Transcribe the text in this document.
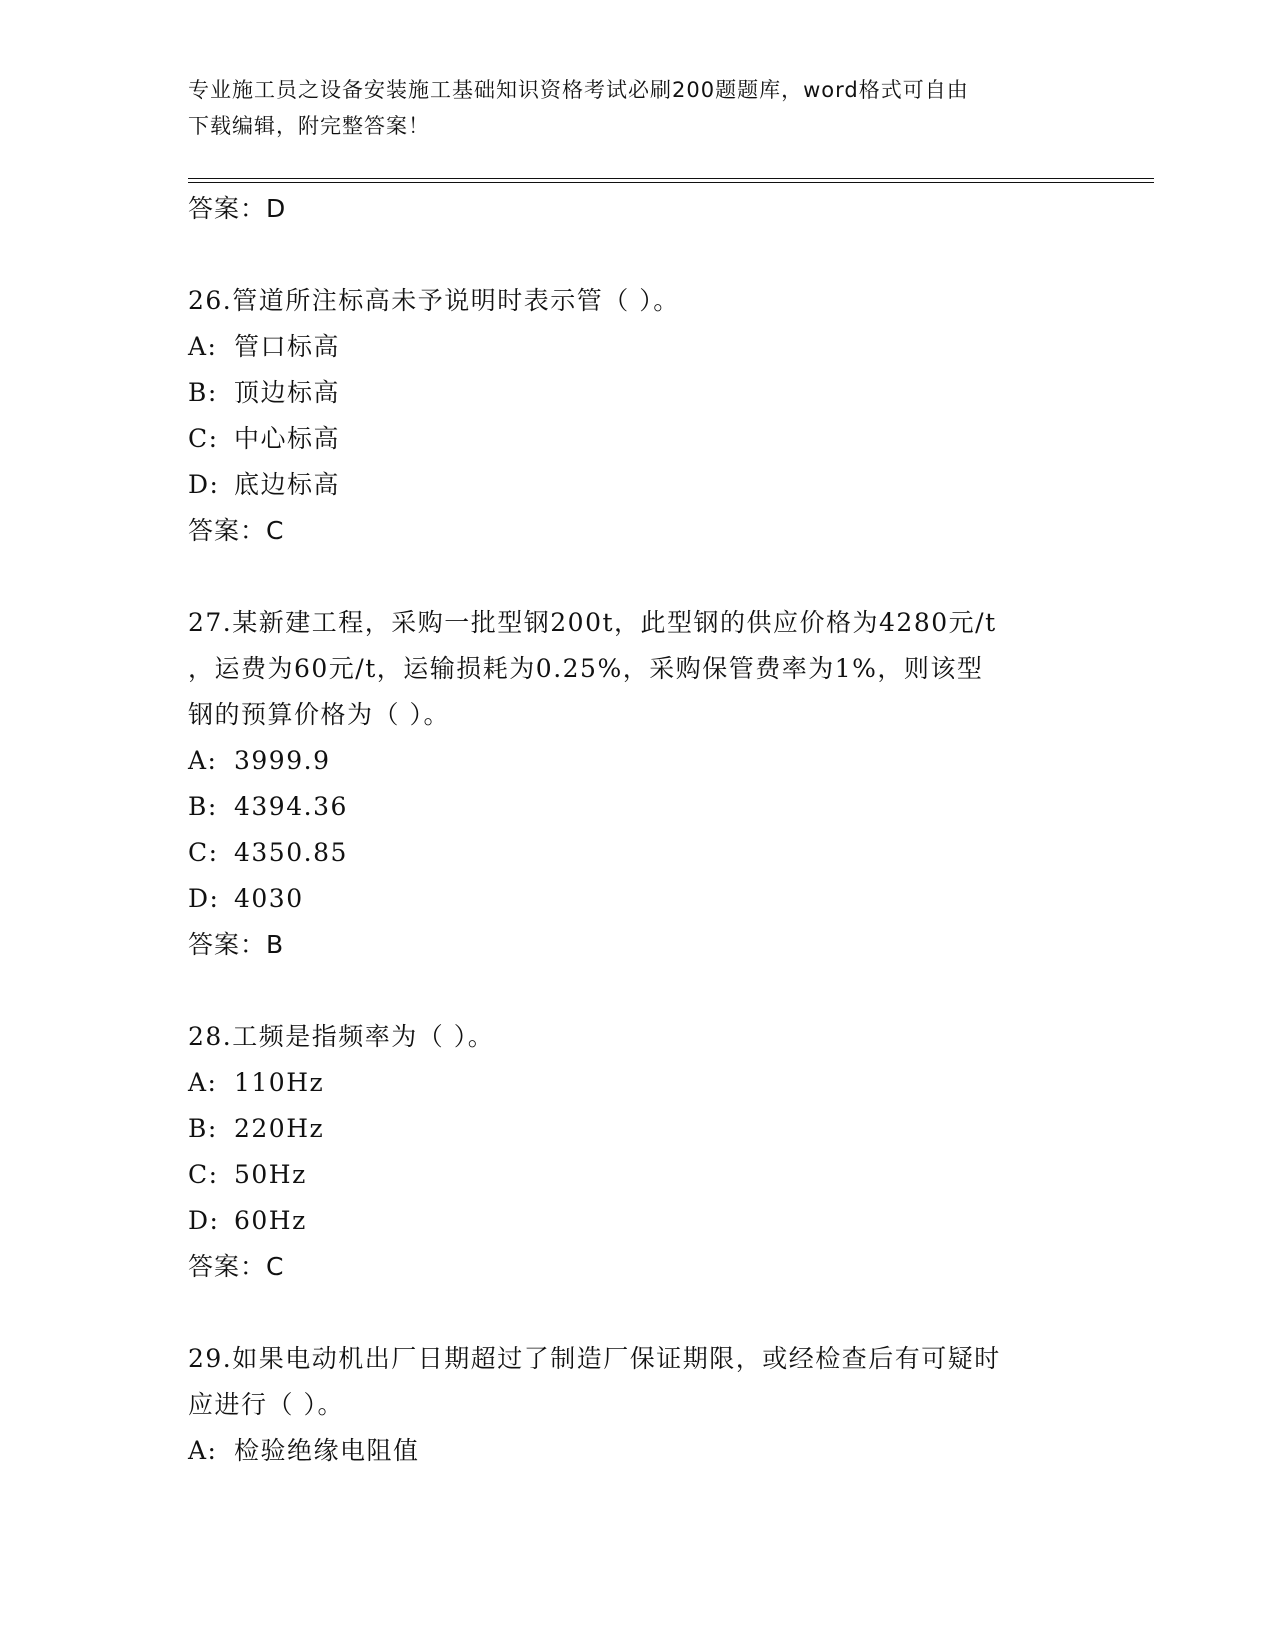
专业施工员之设备安装施工基础知识资格考试必刷200题题库，word格式可自由
下载编辑，附完整答案！
答案：D
26.管道所注标高未予说明时表示管（ ）。
A: 管口标高
B: 顶边标高
C: 中心标高
D: 底边标高
答案：C
27.某新建工程，采购一批型钢200t，此型钢的供应价格为4280元/t
，运费为60元/t，运输损耗为0.25%，采购保管费率为1%，则该型
钢的预算价格为（ ）。
A: 3999.9
B: 4394.36
C: 4350.85
D: 4030
答案：B
28.工频是指频率为（ ）。
A: 110Hz
B: 220Hz
C: 50Hz
D: 60Hz
答案：C
29.如果电动机出厂日期超过了制造厂保证期限，或经检查后有可疑时
应进行（ ）。
A: 检验绝缘电阻值
